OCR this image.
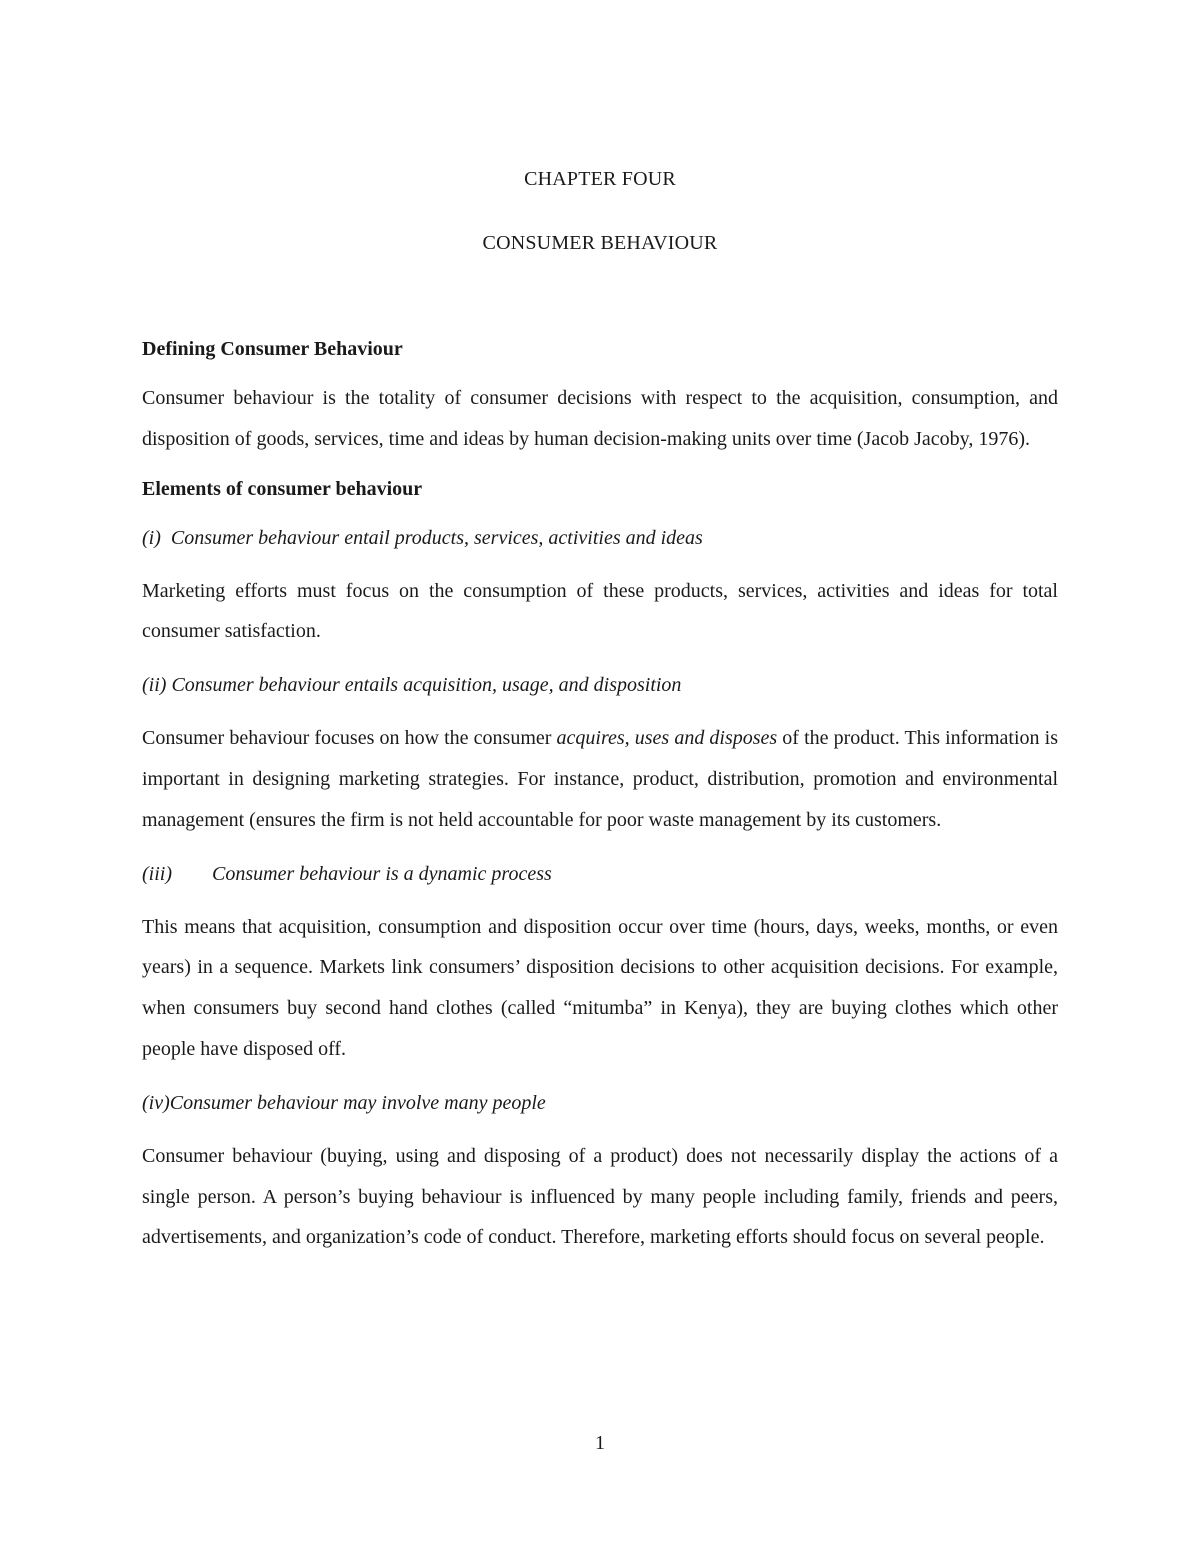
CHAPTER FOUR
CONSUMER BEHAVIOUR

Defining Consumer Behaviour

Consumer behaviour is the totality of consumer decisions with respect to the acquisition, consumption, and disposition of goods, services, time and ideas by human decision-making units over time (Jacob Jacoby, 1976).

Elements of consumer behaviour

(i) Consumer behaviour entail products, services, activities and ideas

Marketing efforts must focus on the consumption of these products, services, activities and ideas for total consumer satisfaction.

(ii) Consumer behaviour entails acquisition, usage, and disposition

Consumer behaviour focuses on how the consumer acquires, uses and disposes of the product. This information is important in designing marketing strategies. For instance, product, distribution, promotion and environmental management (ensures the firm is not held accountable for poor waste management by its customers.

(iii) Consumer behaviour is a dynamic process

This means that acquisition, consumption and disposition occur over time (hours, days, weeks, months, or even years) in a sequence. Markets link consumers’ disposition decisions to other acquisition decisions. For example, when consumers buy second hand clothes (called “mitumba” in Kenya), they are buying clothes which other people have disposed off.

(iv)Consumer behaviour may involve many people

Consumer behaviour (buying, using and disposing of a product) does not necessarily display the actions of a single person. A person’s buying behaviour is influenced by many people including family, friends and peers, advertisements, and organization’s code of conduct. Therefore, marketing efforts should focus on several people.

1
